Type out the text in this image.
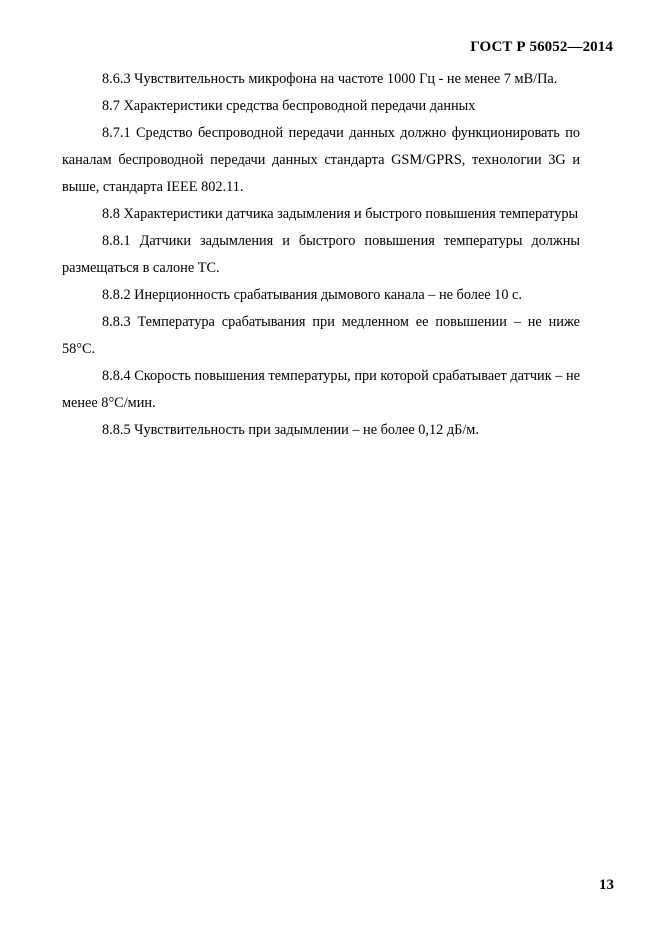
ГОСТ Р 56052—2014

8.6.3 Чувствительность микрофона на частоте 1000 Гц - не менее 7 мВ/Па.

8.7 Характеристики средства беспроводной передачи данных

8.7.1 Средство беспроводной передачи данных должно функционировать по каналам беспроводной передачи данных стандарта GSM/GPRS, технологии 3G и выше, стандарта IEEE 802.11.

8.8 Характеристики датчика задымления и быстрого повышения температуры

8.8.1 Датчики задымления и быстрого повышения температуры должны размещаться в салоне ТС.

8.8.2 Инерционность срабатывания дымового канала – не более 10 с.

8.8.3 Температура срабатывания при медленном ее повышении – не ниже 58°С.

8.8.4 Скорость повышения температуры, при которой срабатывает датчик – не менее 8°С/мин.

8.8.5 Чувствительность при задымлении – не более 0,12 дБ/м.

13
